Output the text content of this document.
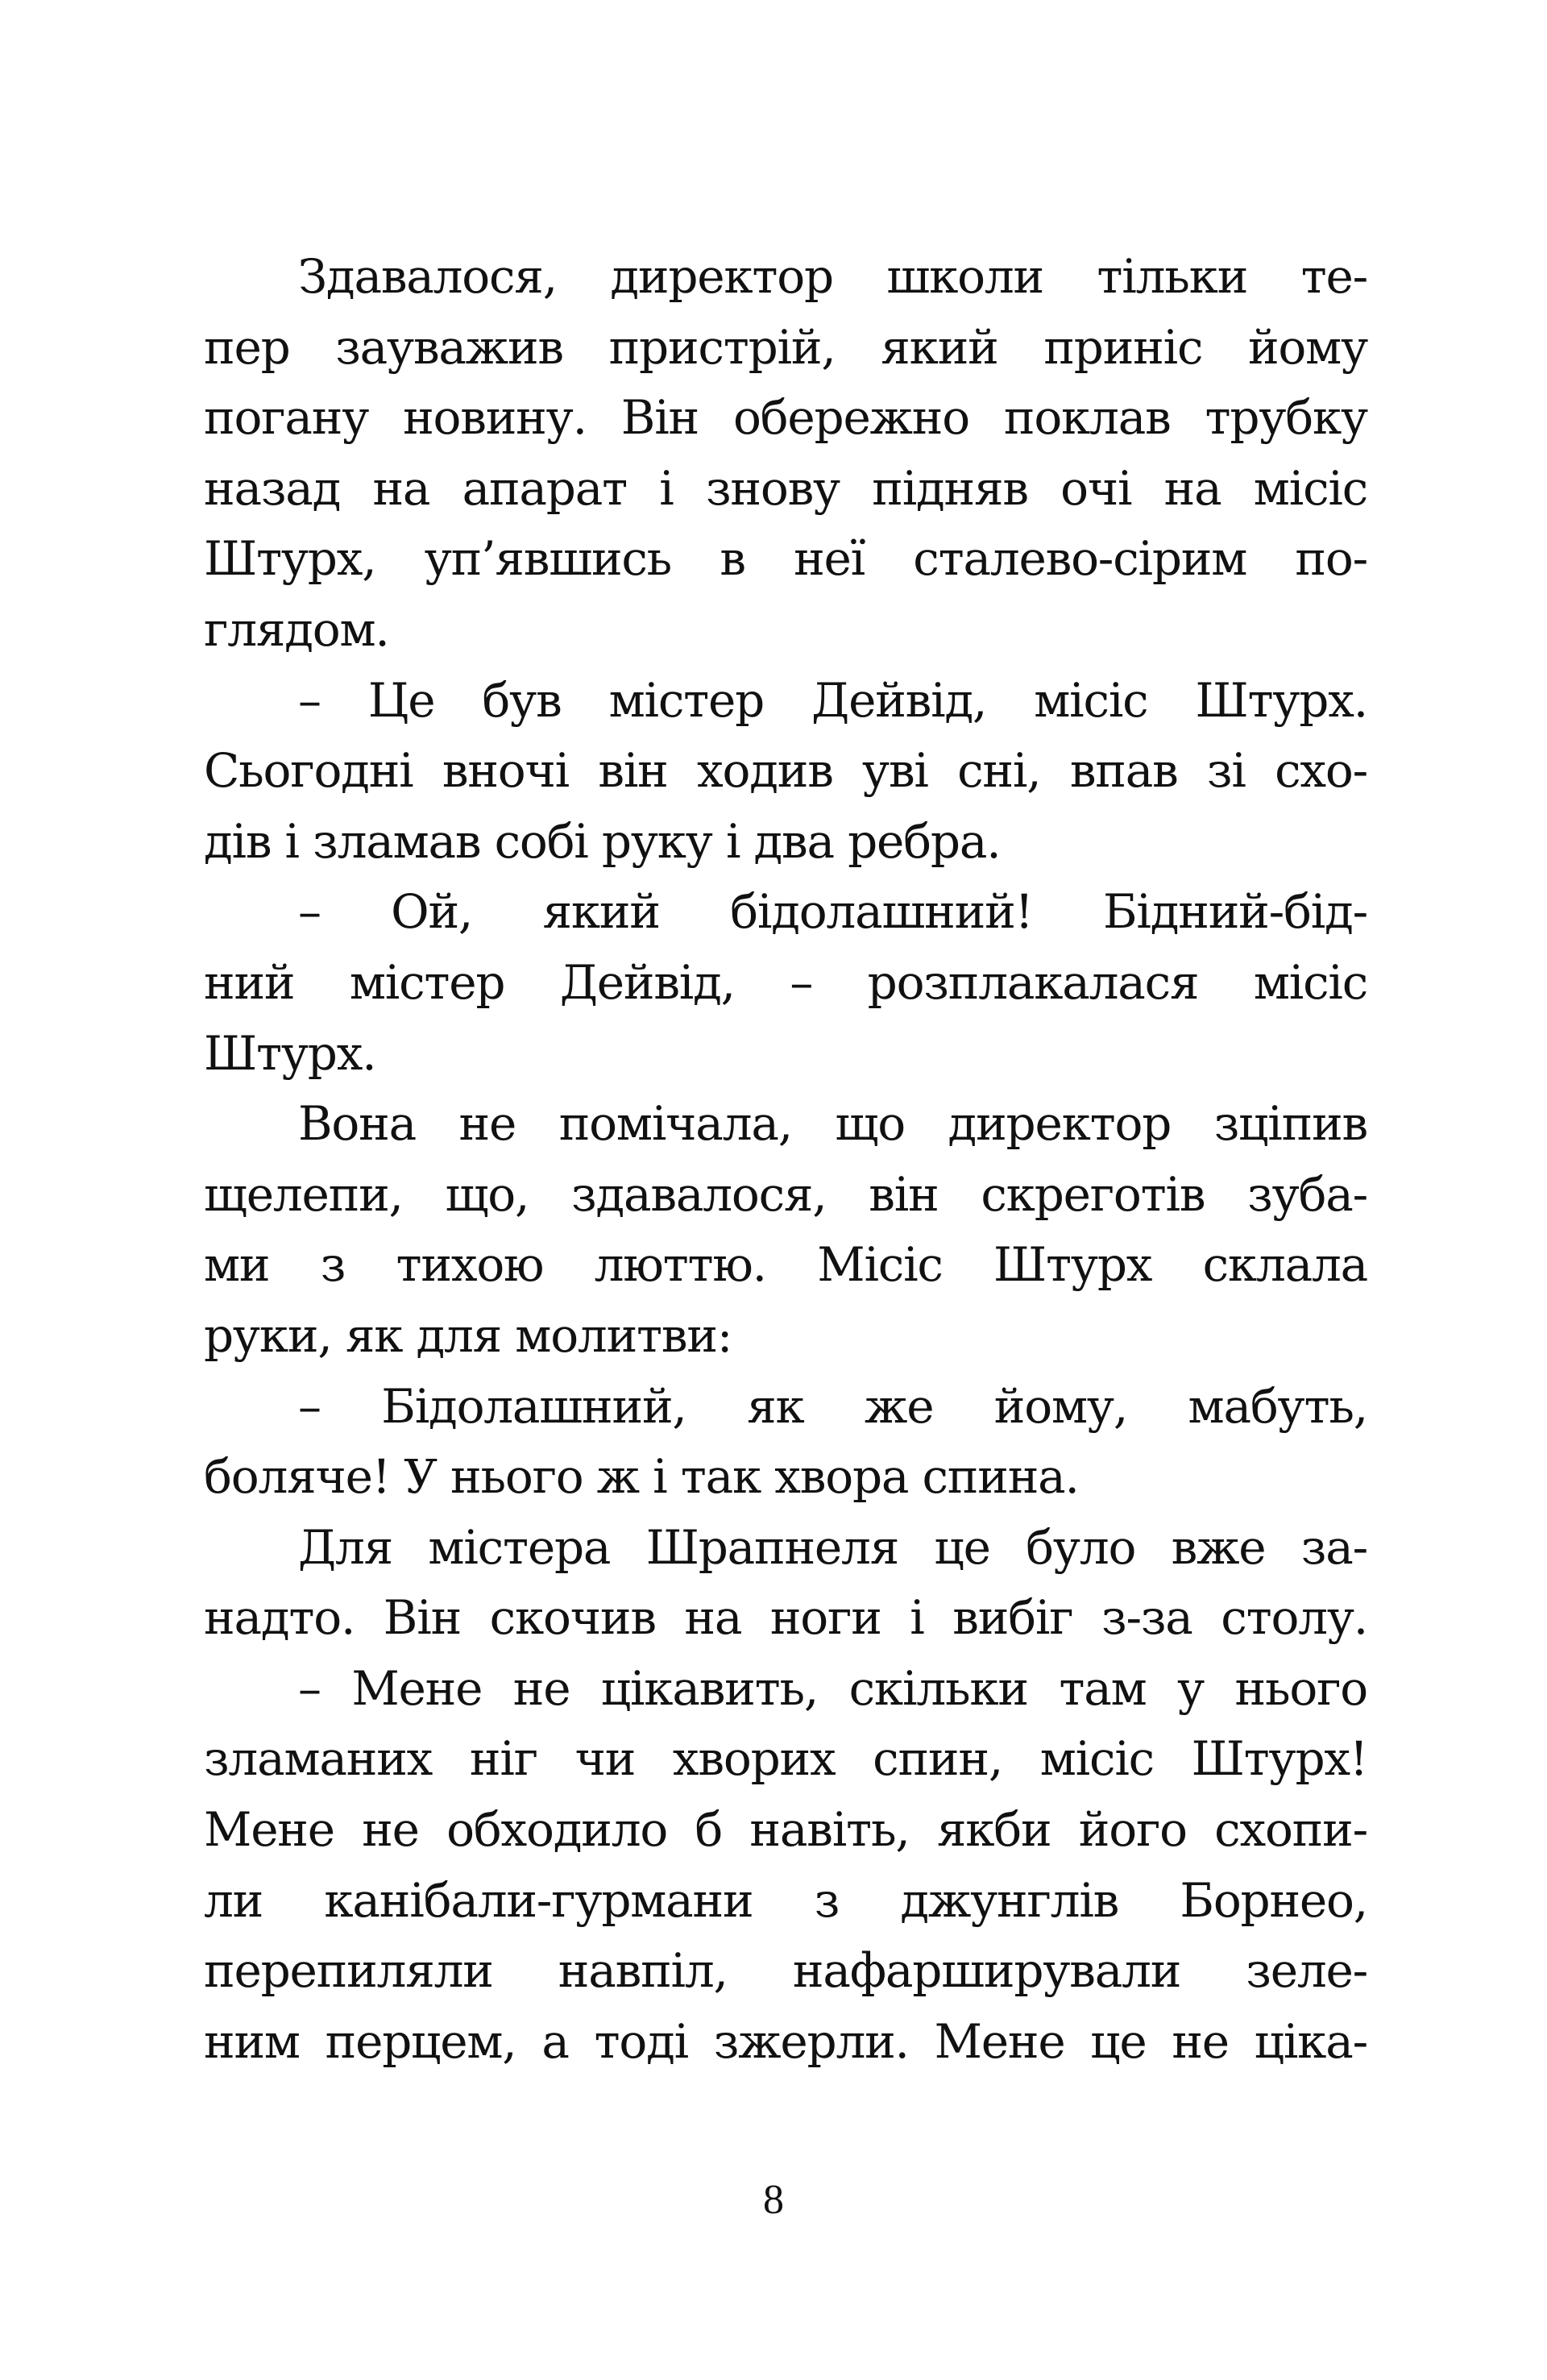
Здавалося, директор школи тільки те-
пер зауважив пристрій, який приніс йому
погану новину. Він обережно поклав трубку
назад на апарат і знову підняв очі на місіс
Штурх, уп’явшись в неї сталево-сірим по-
глядом.
– Це був містер Дейвід, місіс Штурх.
Сьогодні вночі він ходив уві сні, впав зі схо-
дів і зламав собі руку і два ребра.
– Ой, який бідолашний! Бідний-бід-
ний містер Дейвід, – розплакалася місіс
Штурх.
Вона не помічала, що директор зціпив
щелепи, що, здавалося, він скреготів зуба-
ми з тихою люттю. Місіс Штурх склала
руки, як для молитви:
– Бідолашний, як же йому, мабуть,
боляче! У нього ж і так хвора спина.
Для містера Шрапнеля це було вже за-
надто. Він скочив на ноги і вибіг з-за столу.
– Мене не цікавить, скільки там у нього
зламаних ніг чи хворих спин, місіс Штурх!
Мене не обходило б навіть, якби його схопи-
ли канібали-гурмани з джунглів Борнео,
перепиляли навпіл, нафарширували зеле-
ним перцем, а тоді зжерли. Мене це не ціка-
8
